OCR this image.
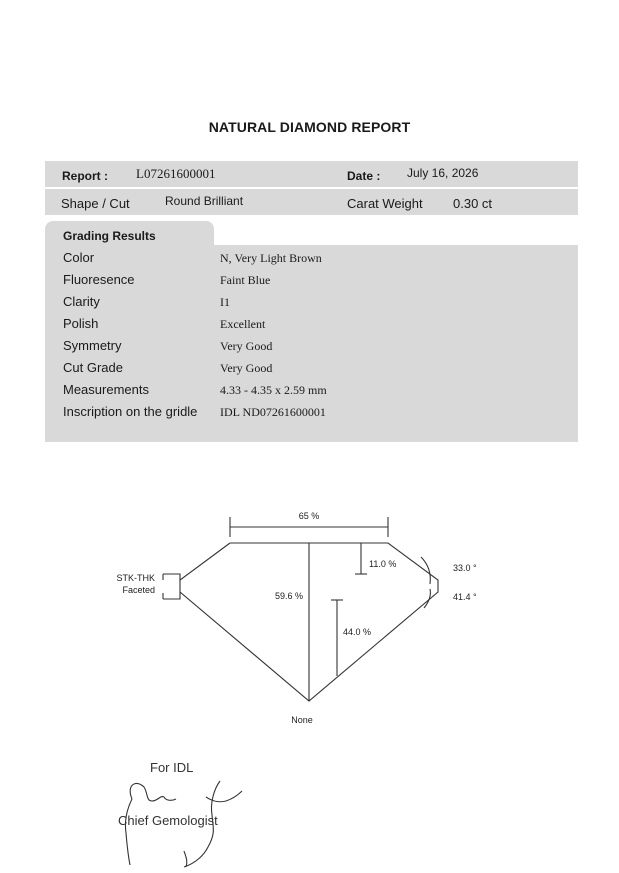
NATURAL DIAMOND REPORT
Report : L07261600001	Date : July 16, 2026
Shape / Cut	Round Brilliant	Carat Weight 0.30 ct
Grading Results
Color	N, Very Light Brown
Fluoresence	Faint Blue
Clarity	I1
Polish	Excellent
Symmetry	Very Good
Cut Grade	Very Good
Measurements	4.33 - 4.35 x 2.59 mm
Inscription on the gridle	IDL ND07261600001
65 %
11.0 %
59.6 %
44.0 %
33.0 °
41.4 °
STK-THK
Faceted
None
For IDL
Chief Gemologist
